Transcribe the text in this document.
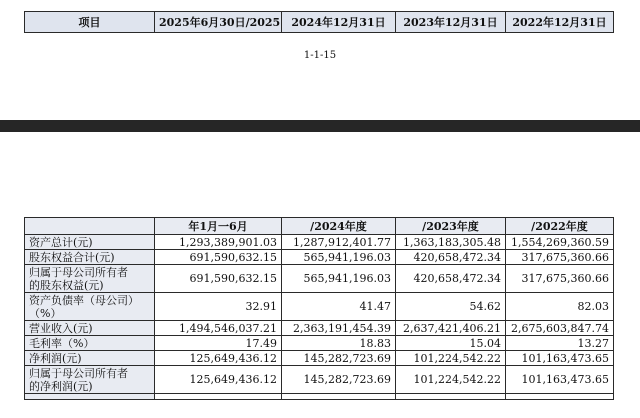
项目	2025年6月30日/2025	2024年12月31日	2023年12月31日	2022年12月31日
1-1-15
	年1月一6月	/2024年度	/2023年度	/2022年度

资产总计(元)	1,293,389,901.03	1,287,912,401.77	1,363,183,305.48	1,554,269,360.59

股东权益合计(元)	691,590,632.15	565,941,196.03	420,658,472.34	317,675,360.66

归属于母公司所有者
的股东权益(元)	691,590,632.15	565,941,196.03	420,658,472.34	317,675,360.66

资产负债率（母公司）
（%）	32.91	41.47	54.62	82.03

营业收入(元)	1,494,546,037.21	2,363,191,454.39	2,637,421,406.21	2,675,603,847.74

毛利率（%）	17.49	18.83	15.04	13.27

净利润(元)	125,649,436.12	145,282,723.69	101,224,542.22	101,163,473.65

归属于母公司所有者
的净利润(元)	125,649,436.12	145,282,723.69	101,224,542.22	101,163,473.65
